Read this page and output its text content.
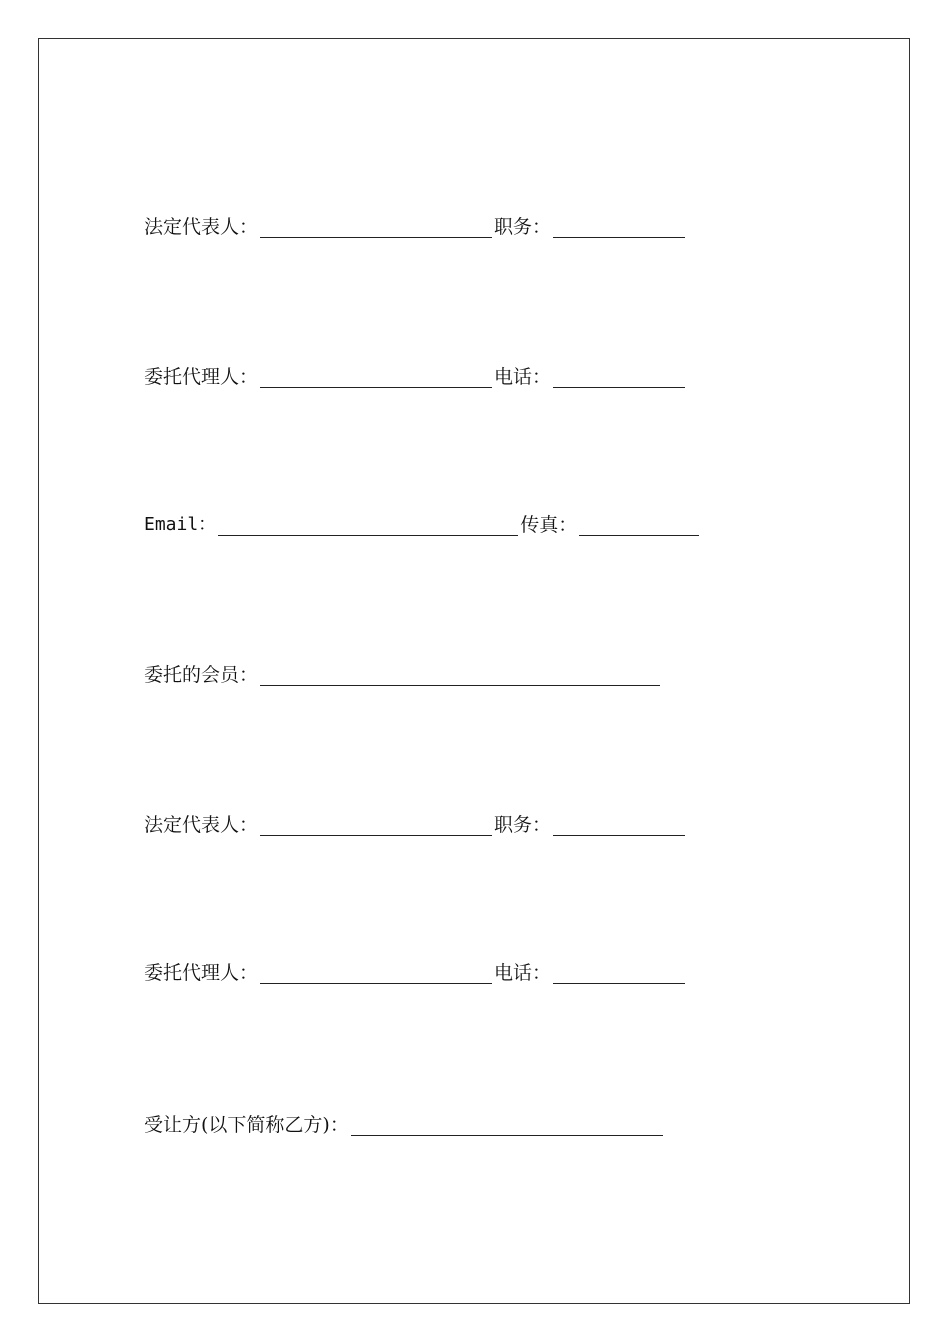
法定代表人：	职务：
委托代理人：	电话：
Email：	传真：
委托的会员：
法定代表人：	职务：
委托代理人：	电话：
受让方(以下简称乙方)：
